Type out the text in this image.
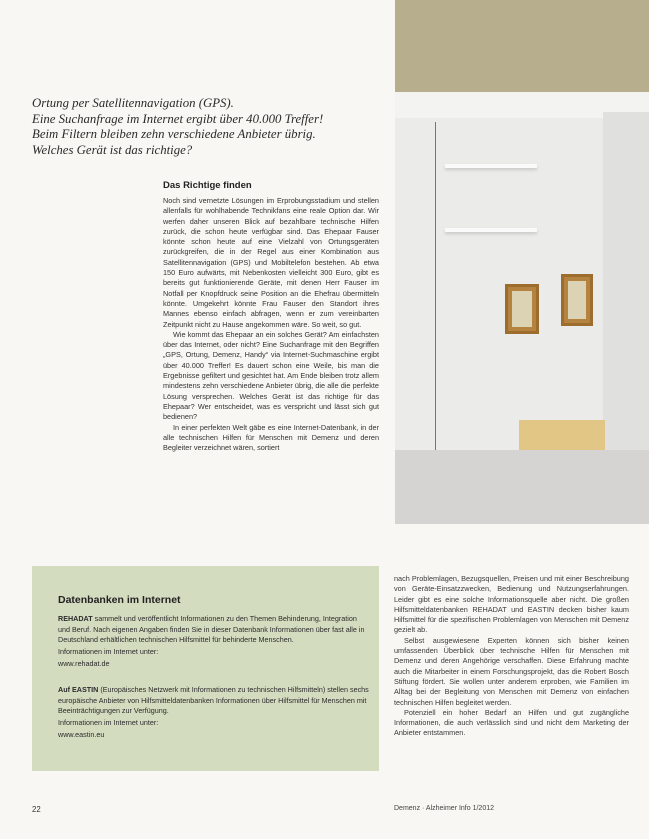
Ortung per Satellitennavigation (GPS).
Eine Suchanfrage im Internet ergibt über 40.000 Treffer!
Beim Filtern bleiben zehn verschiedene Anbieter übrig.
Welches Gerät ist das richtige?
Das Richtige finden

Noch sind vernetzte Lösungen im Erprobungsstadium und stellen allenfalls für wohlhabende Technikfans eine reale Option dar. Wir werfen daher unseren Blick auf bezahlbare technische Hilfen zurück, die schon heute verfügbar sind. Das Ehepaar Fauser könnte schon heute auf eine Vielzahl von Ortungsgeräten zurückgreifen, die in der Regel aus einer Kombination aus Satellitennavigation (GPS) und Mobiltelefon bestehen. Ab etwa 150 Euro aufwärts, mit Nebenkosten vielleicht 300 Euro, gibt es bereits gut funktionierende Geräte, mit denen Herr Fauser im Notfall per Knopfdruck seine Position an die Ehefrau übermitteln könnte. Umgekehrt könnte Frau Fauser den Standort ihres Mannes ebenso einfach abfragen, wenn er zum vereinbarten Zeitpunkt nicht zu Hause angekommen wäre. So weit, so gut.

Wie kommt das Ehepaar an ein solches Gerät? Am einfachsten über das Internet, oder nicht? Eine Suchanfrage mit den Begriffen „GPS, Ortung, Demenz, Handy“ via Internet-Suchmaschine ergibt über 40.000 Treffer! Es dauert schon eine Weile, bis man die Ergebnisse gefiltert und gesichtet hat. Am Ende bleiben trotz allem mindestens zehn verschiedene Anbieter übrig, die alle die perfekte Lösung versprechen. Welches Gerät ist das richtige für das Ehepaar? Wer entscheidet, was es verspricht und lässt sich gut bedienen?

In einer perfekten Welt gäbe es eine Internet-Datenbank, in der alle technischen Hilfen für Menschen mit Demenz und deren Begleiter verzeichnet wären, sortiert

Datenbanken im Internet

REHADAT sammelt und veröffentlicht Informationen zu den Themen Behinderung, Integration und Beruf. Nach eigenen Angaben finden Sie in dieser Datenbank Informationen über fast alle in Deutschland erhältlichen technischen Hilfsmittel für behinderte Menschen.

Informationen im Internet unter:

www.rehadat.de

Auf EASTIN (Europäisches Netzwerk mit Informationen zu technischen Hilfsmitteln) stellen sechs europäische Anbieter von Hilfsmitteldatenbanken Informationen über Hilfsmittel für Menschen mit Beeinträchtigungen zur Verfügung.

Informationen im Internet unter:

www.eastin.eu

nach Problemlagen, Bezugsquellen, Preisen und mit einer Beschreibung von Geräte-Einsatzzwecken, Bedienung und Nutzungserfahrungen. Leider gibt es eine solche Informationsquelle aber nicht. Die großen Hilfsmitteldatenbanken REHADAT und EASTIN decken bisher kaum Hilfsmittel für die spezifischen Problemlagen von Menschen mit Demenz gezielt ab.

Selbst ausgewiesene Experten können sich bisher keinen umfassenden Überblick über technische Hilfen für Menschen mit Demenz und deren Angehörige verschaffen. Diese Erfahrung machte auch die Mitarbeiter in einem Forschungsprojekt, das die Robert Bosch Stiftung fördert. Sie wollen unter anderem erproben, wie Familien im Alltag bei der Begleitung von Menschen mit Demenz von einfachen technischen Hilfen begleitet werden.

Potenziell ein hoher Bedarf an Hilfen und gut zugängliche Informationen, die auch verlässlich sind und nicht dem Marketing der Anbieter entstammen.

22	Demenz · Alzheimer Info 1/2012
